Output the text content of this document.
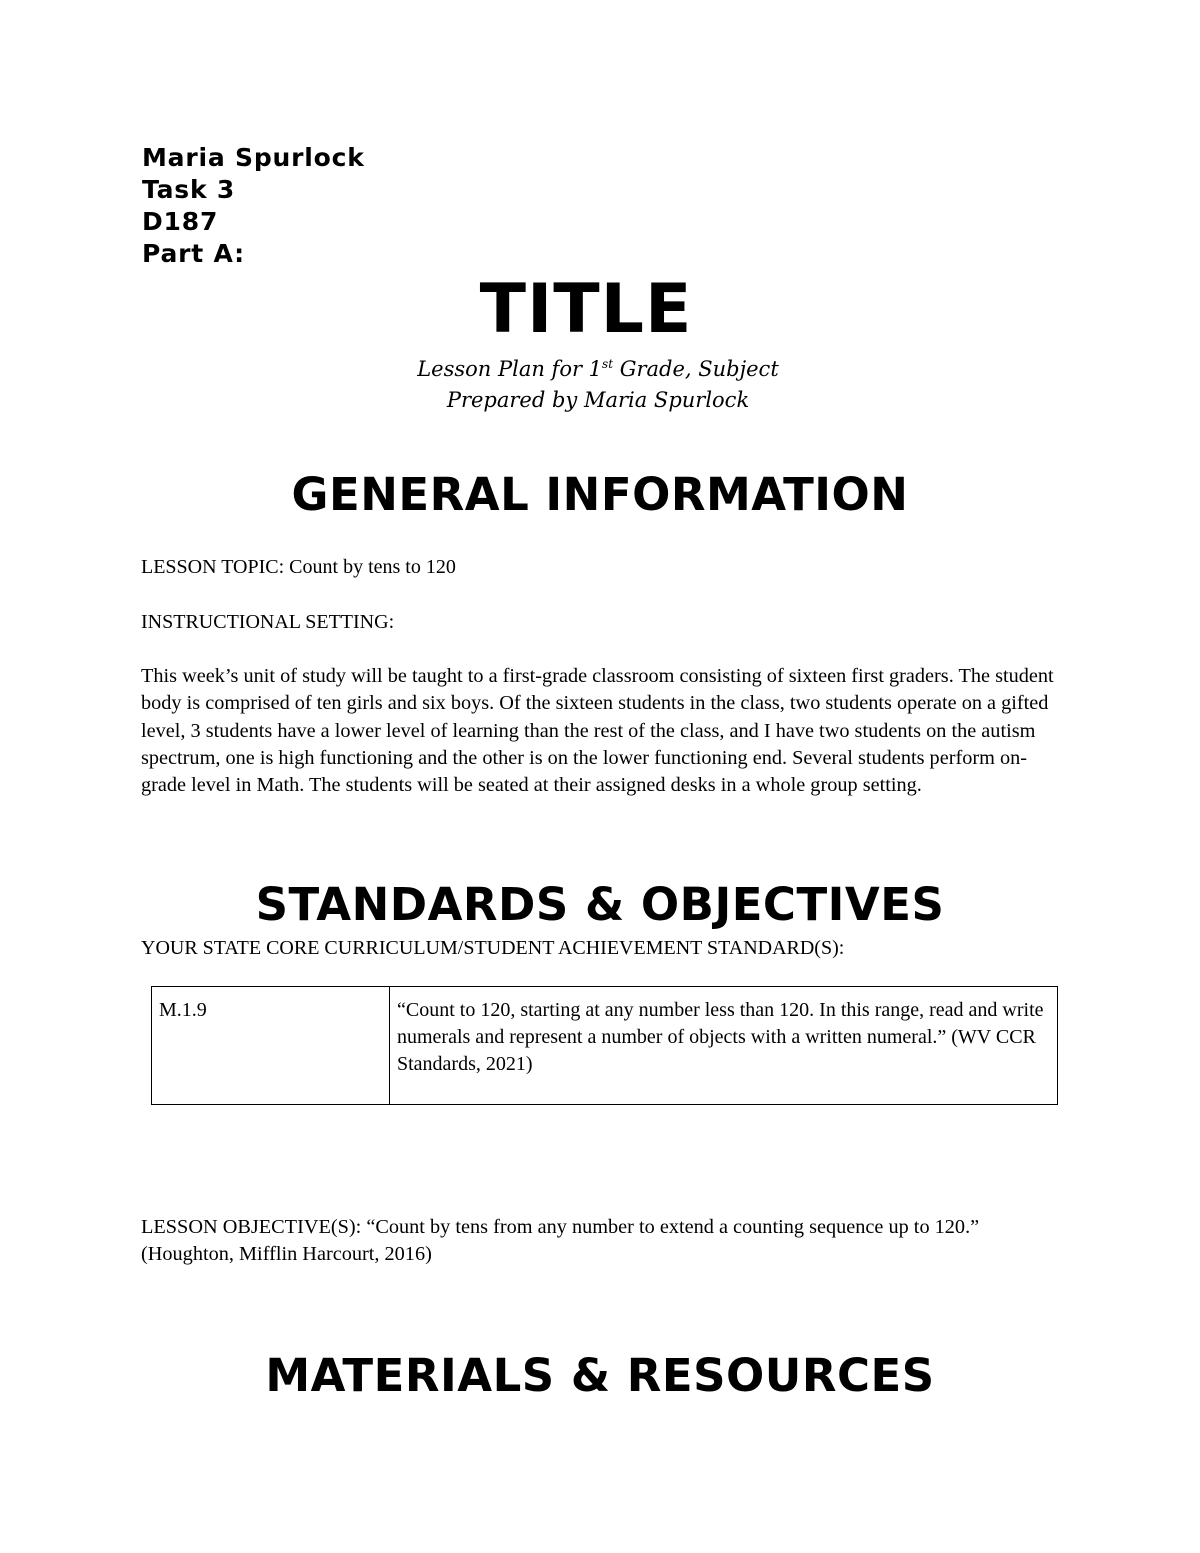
Maria Spurlock
Task 3
D187
Part A:
TITLE
Lesson Plan for 1st Grade, Subject
Prepared by Maria Spurlock
GENERAL INFORMATION
LESSON TOPIC: Count by tens to 120
INSTRUCTIONAL SETTING:
This week’s unit of study will be taught to a first-grade classroom consisting of sixteen first graders. The student body is comprised of ten girls and six boys. Of the sixteen students in the class, two students operate on a gifted level, 3 students have a lower level of learning than the rest of the class, and I have two students on the autism spectrum, one is high functioning and the other is on the lower functioning end. Several students perform on-grade level in Math. The students will be seated at their assigned desks in a whole group setting.
STANDARDS & OBJECTIVES
YOUR STATE CORE CURRICULUM/STUDENT ACHIEVEMENT STANDARD(S):
M.1.9	“Count to 120, starting at any number less than 120. In this range, read and write numerals and represent a number of objects with a written numeral.” (WV CCR Standards, 2021)
LESSON OBJECTIVE(S): “Count by tens from any number to extend a counting sequence up to 120.” (Houghton, Mifflin Harcourt, 2016)
MATERIALS & RESOURCES
